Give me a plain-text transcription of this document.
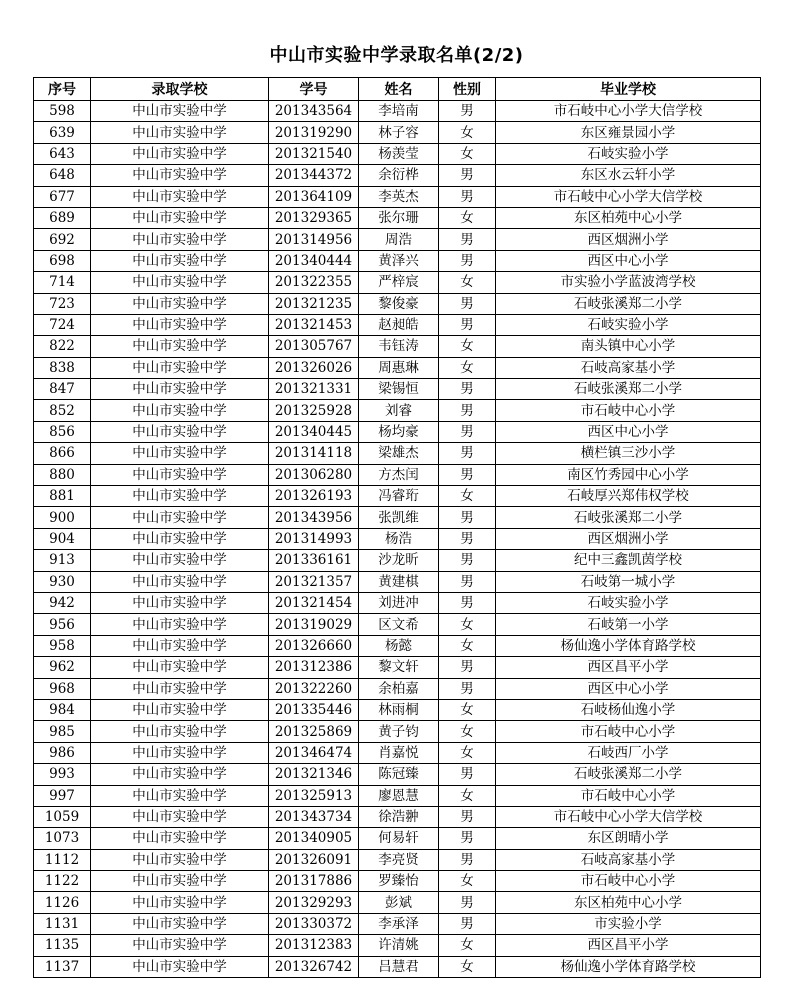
中山市实验中学录取名单(2/2)
序号	录取学校	学号	姓名	性别	毕业学校
598	中山市实验中学	201343564	李培南	男	市石岐中心小学大信学校
639	中山市实验中学	201319290	林子容	女	东区雍景园小学
643	中山市实验中学	201321540	杨羡莹	女	石岐实验小学
648	中山市实验中学	201344372	余衍桦	男	东区水云轩小学
677	中山市实验中学	201364109	李英杰	男	市石岐中心小学大信学校
689	中山市实验中学	201329365	张尔珊	女	东区柏苑中心小学
692	中山市实验中学	201314956	周浩	男	西区烟洲小学
698	中山市实验中学	201340444	黄泽兴	男	西区中心小学
714	中山市实验中学	201322355	严梓宸	女	市实验小学蓝波湾学校
723	中山市实验中学	201321235	黎俊豪	男	石岐张溪郑二小学
724	中山市实验中学	201321453	赵昶皓	男	石岐实验小学
822	中山市实验中学	201305767	韦钰涛	女	南头镇中心小学
838	中山市实验中学	201326026	周惠琳	女	石岐高家基小学
847	中山市实验中学	201321331	梁锡恒	男	石岐张溪郑二小学
852	中山市实验中学	201325928	刘睿	男	市石岐中心小学
856	中山市实验中学	201340445	杨均豪	男	西区中心小学
866	中山市实验中学	201314118	梁雄杰	男	横栏镇三沙小学
880	中山市实验中学	201306280	方杰闰	男	南区竹秀园中心小学
881	中山市实验中学	201326193	冯睿珩	女	石岐厚兴郑伟权学校
900	中山市实验中学	201343956	张凯维	男	石岐张溪郑二小学
904	中山市实验中学	201314993	杨浩	男	西区烟洲小学
913	中山市实验中学	201336161	沙龙昕	男	纪中三鑫凯茵学校
930	中山市实验中学	201321357	黄建棋	男	石岐第一城小学
942	中山市实验中学	201321454	刘进冲	男	石岐实验小学
956	中山市实验中学	201319029	区文希	女	石岐第一小学
958	中山市实验中学	201326660	杨懿	女	杨仙逸小学体育路学校
962	中山市实验中学	201312386	黎文轩	男	西区昌平小学
968	中山市实验中学	201322260	余柏嘉	男	西区中心小学
984	中山市实验中学	201335446	林雨桐	女	石岐杨仙逸小学
985	中山市实验中学	201325869	黄子钧	女	市石岐中心小学
986	中山市实验中学	201346474	肖嘉悦	女	石岐西厂小学
993	中山市实验中学	201321346	陈冠臻	男	石岐张溪郑二小学
997	中山市实验中学	201325913	廖恩慧	女	市石岐中心小学
1059	中山市实验中学	201343734	徐浩翀	男	市石岐中心小学大信学校
1073	中山市实验中学	201340905	何易轩	男	东区朗晴小学
1112	中山市实验中学	201326091	李亮贤	男	石岐高家基小学
1122	中山市实验中学	201317886	罗臻怡	女	市石岐中心小学
1126	中山市实验中学	201329293	彭斌	男	东区柏苑中心小学
1131	中山市实验中学	201330372	李承泽	男	市实验小学
1135	中山市实验中学	201312383	许清姚	女	西区昌平小学
1137	中山市实验中学	201326742	吕慧君	女	杨仙逸小学体育路学校
